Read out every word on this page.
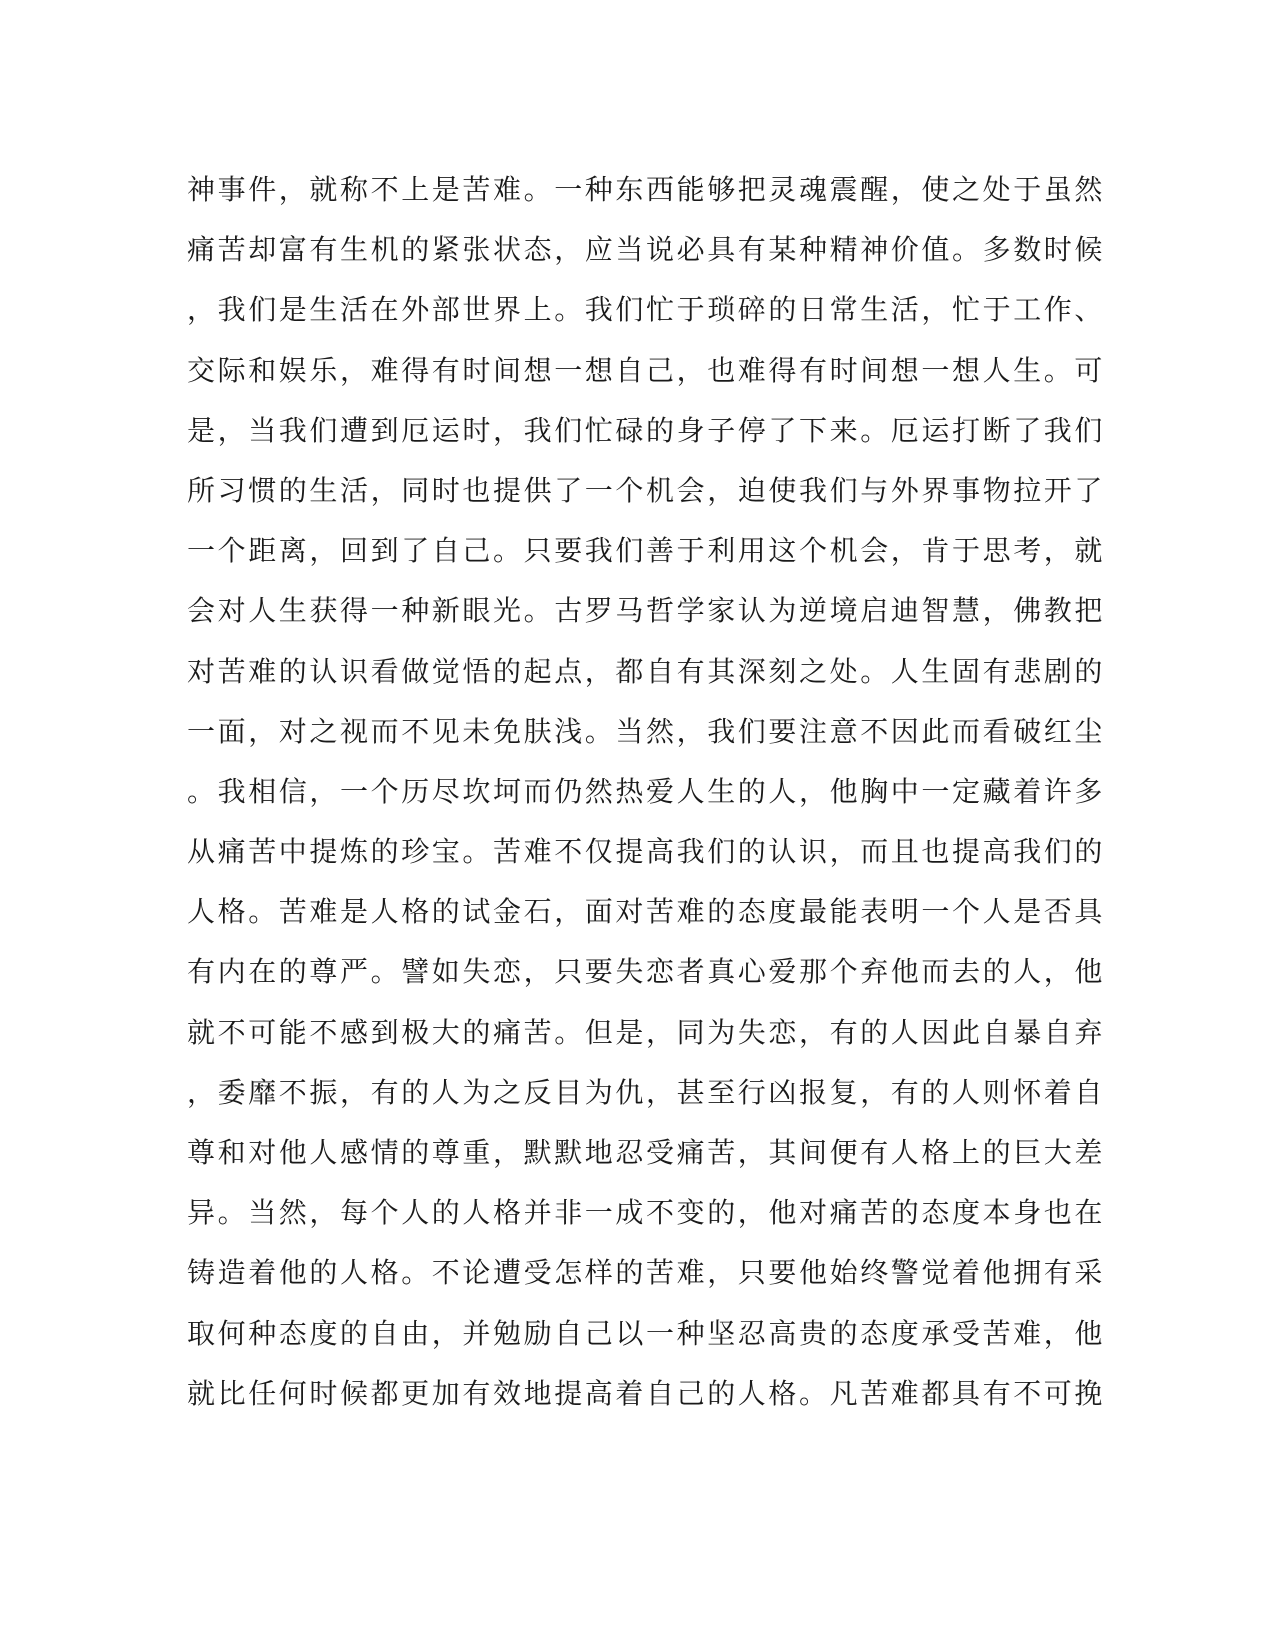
神事件，就称不上是苦难。一种东西能够把灵魂震醒，使之处于虽然
痛苦却富有生机的紧张状态，应当说必具有某种精神价值。多数时候
，我们是生活在外部世界上。我们忙于琐碎的日常生活，忙于工作、
交际和娱乐，难得有时间想一想自己，也难得有时间想一想人生。可
是，当我们遭到厄运时，我们忙碌的身子停了下来。厄运打断了我们
所习惯的生活，同时也提供了一个机会，迫使我们与外界事物拉开了
一个距离，回到了自己。只要我们善于利用这个机会，肯于思考，就
会对人生获得一种新眼光。古罗马哲学家认为逆境启迪智慧，佛教把
对苦难的认识看做觉悟的起点，都自有其深刻之处。人生固有悲剧的
一面，对之视而不见未免肤浅。当然，我们要注意不因此而看破红尘
。我相信，一个历尽坎坷而仍然热爱人生的人，他胸中一定藏着许多
从痛苦中提炼的珍宝。苦难不仅提高我们的认识，而且也提高我们的
人格。苦难是人格的试金石，面对苦难的态度最能表明一个人是否具
有内在的尊严。譬如失恋，只要失恋者真心爱那个弃他而去的人，他
就不可能不感到极大的痛苦。但是，同为失恋，有的人因此自暴自弃
，委靡不振，有的人为之反目为仇，甚至行凶报复，有的人则怀着自
尊和对他人感情的尊重，默默地忍受痛苦，其间便有人格上的巨大差
异。当然，每个人的人格并非一成不变的，他对痛苦的态度本身也在
铸造着他的人格。不论遭受怎样的苦难，只要他始终警觉着他拥有采
取何种态度的自由，并勉励自己以一种坚忍高贵的态度承受苦难，他
就比任何时候都更加有效地提高着自己的人格。凡苦难都具有不可挽
